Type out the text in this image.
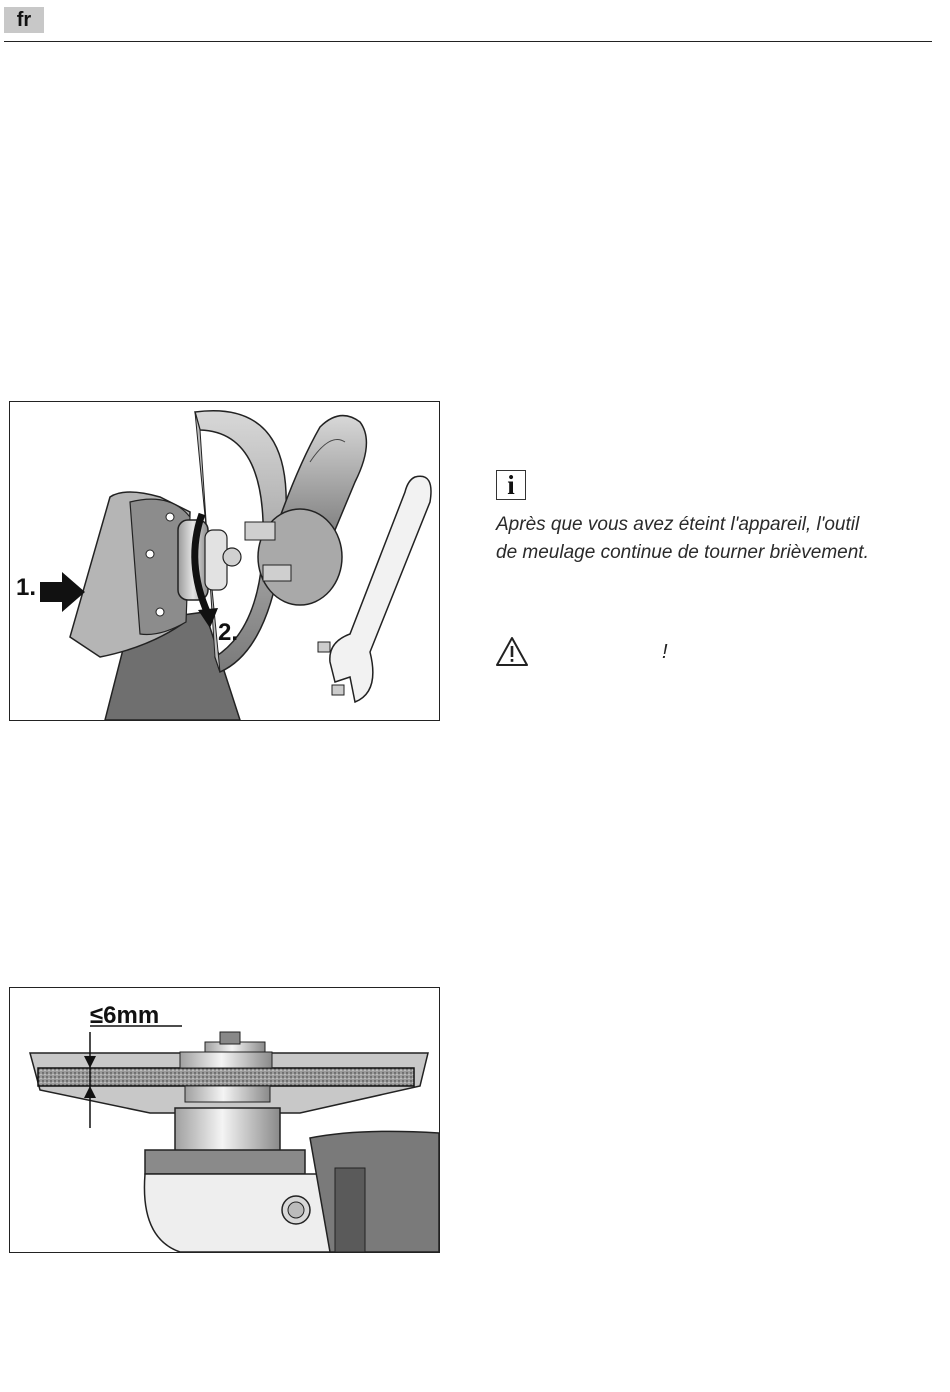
fr
1.
2.
≤6mm
i
Après que vous avez éteint l'appareil, l'outil
de meulage continue de tourner brièvement.
!
